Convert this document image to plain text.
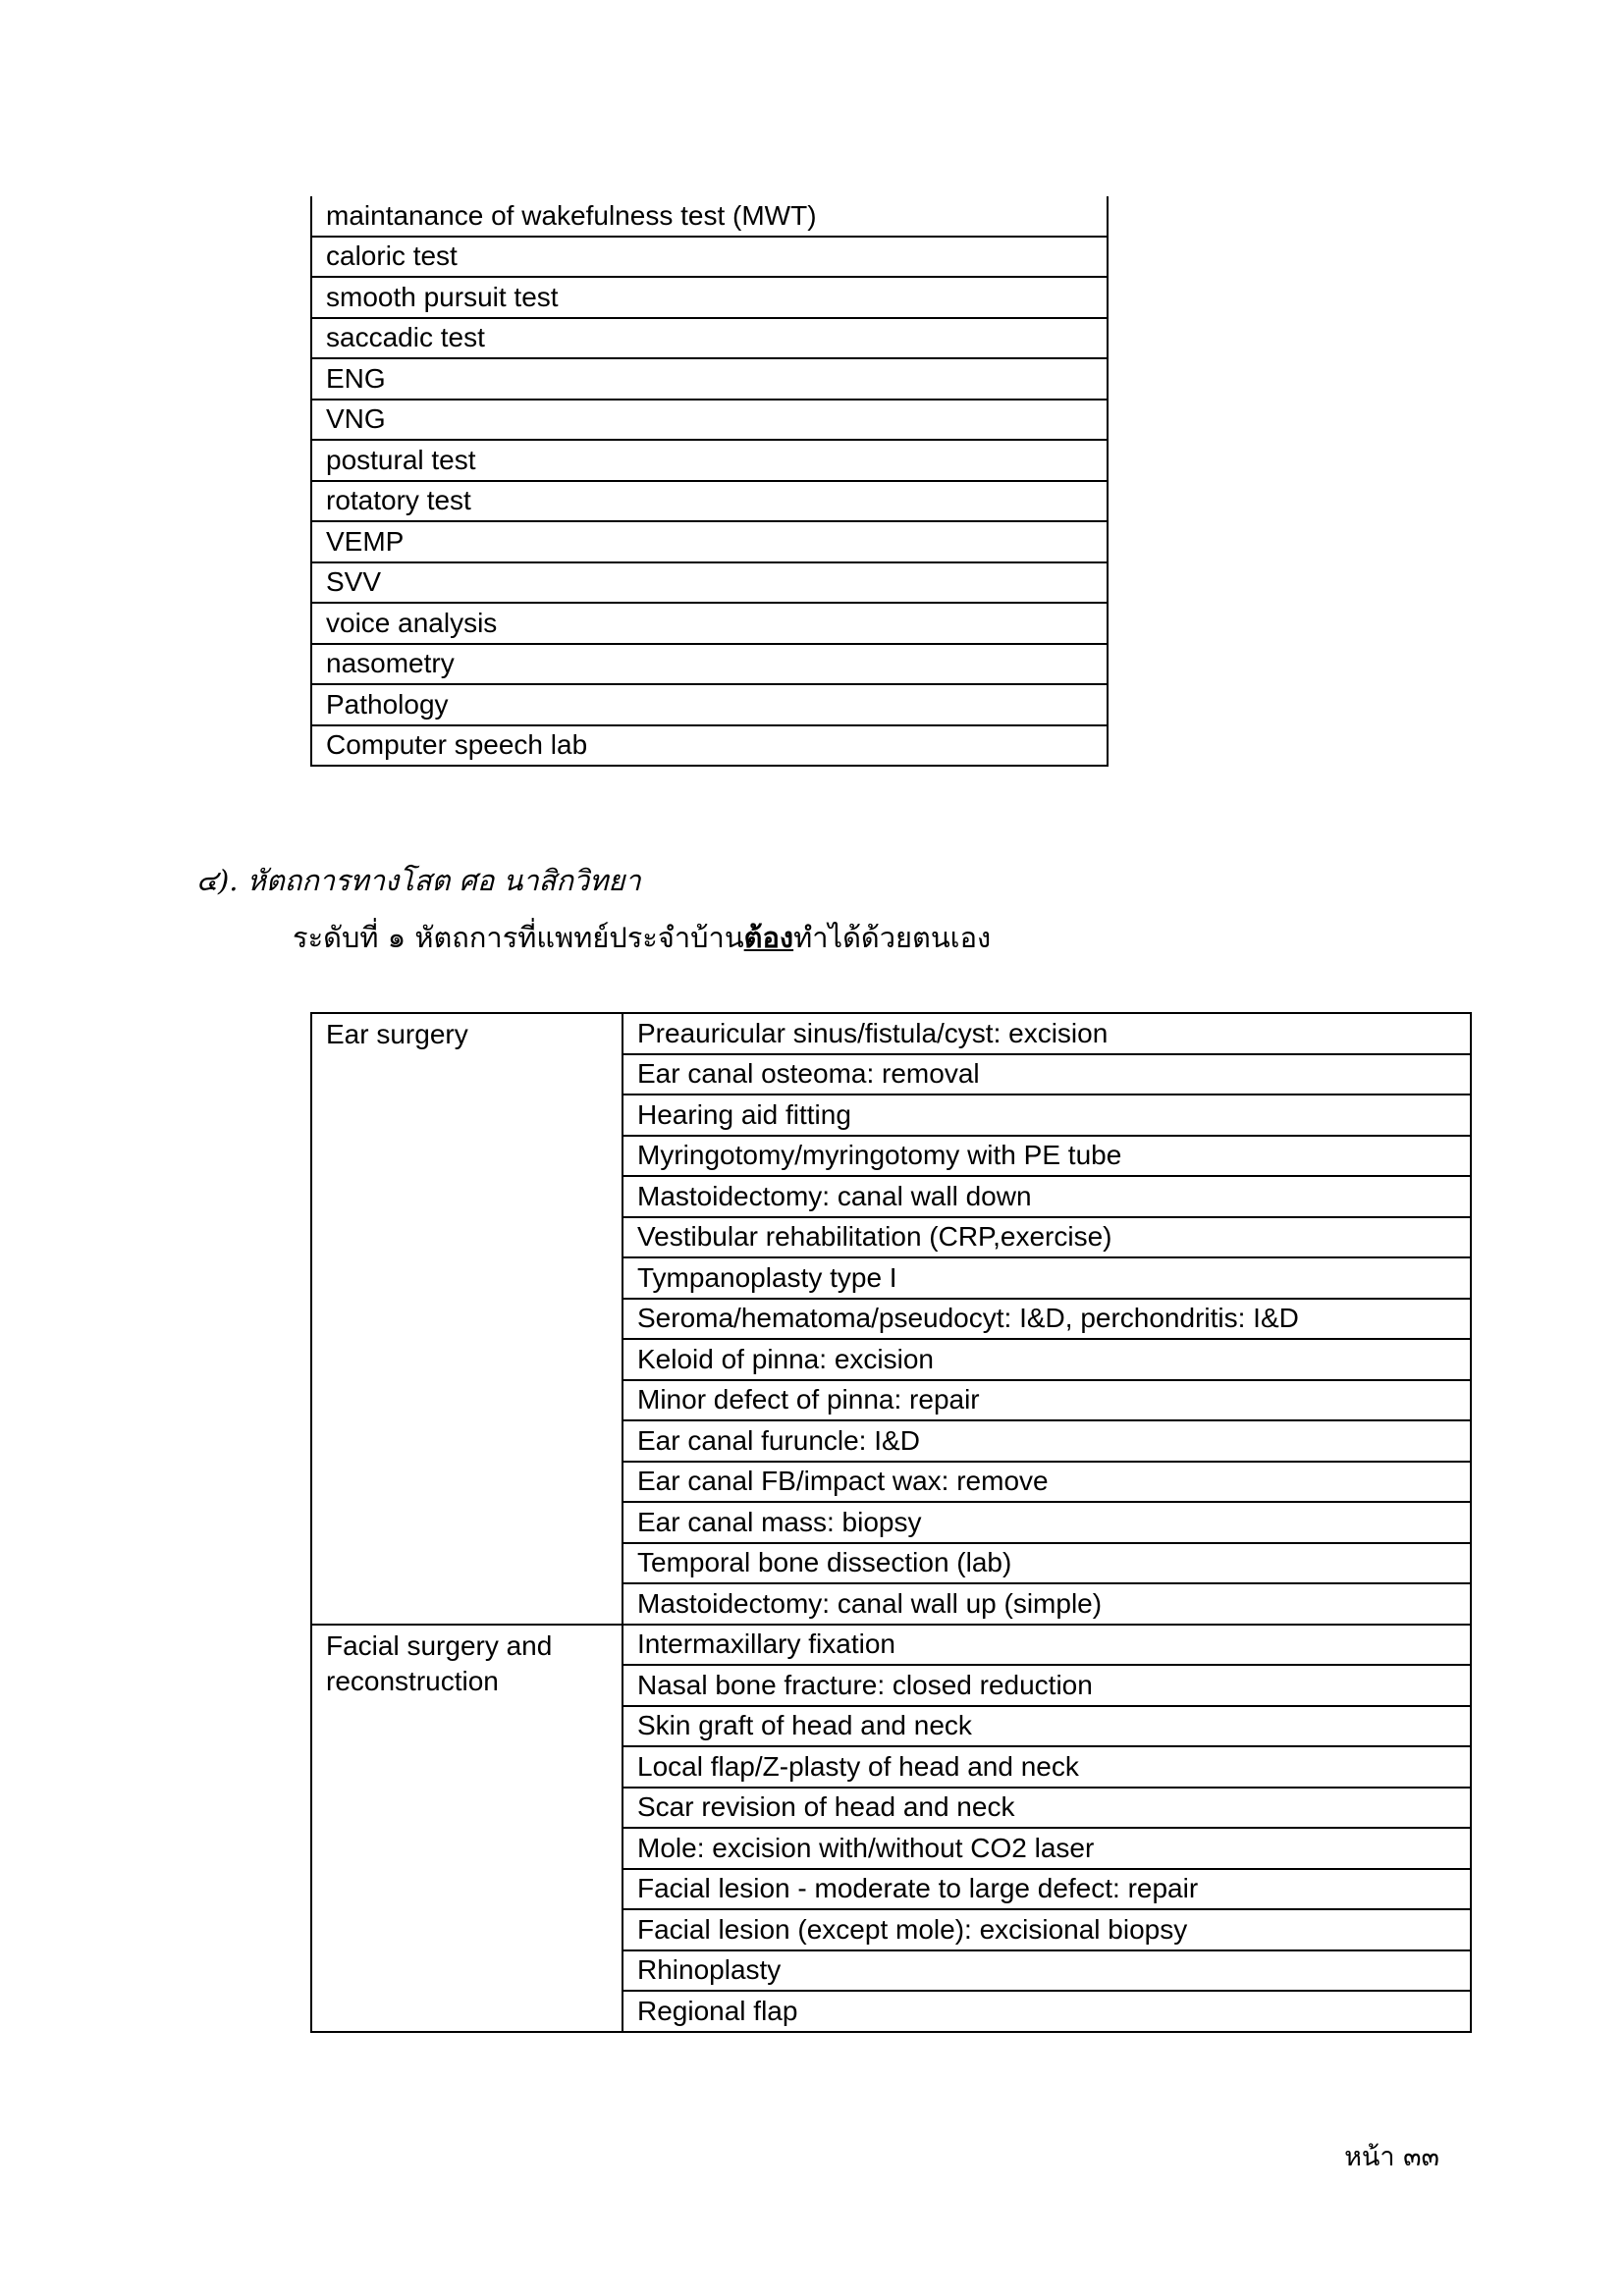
maintanance of wakefulness test (MWT)
caloric test
smooth pursuit test
saccadic test
ENG
VNG
postural test
rotatory test
VEMP
SVV
voice analysis
nasometry
Pathology
Computer speech lab
๔). หัตถการทางโสต ศอ นาสิกวิทยา
ระดับที่ ๑ หัตถการที่แพทย์ประจำบ้านต้องทำได้ด้วยตนเอง
Ear surgery	Preauricular sinus/fistula/cyst: excision
	Ear canal osteoma: removal
	Hearing aid fitting
	Myringotomy/myringotomy with PE tube
	Mastoidectomy: canal wall down
	Vestibular rehabilitation (CRP,exercise)
	Tympanoplasty type I
	Seroma/hematoma/pseudocyt: I&D, perchondritis: I&D
	Keloid of pinna: excision
	Minor defect of pinna: repair
	Ear canal furuncle: I&D
	Ear canal FB/impact wax: remove
	Ear canal mass: biopsy
	Temporal bone dissection (lab)
	Mastoidectomy: canal wall up (simple)
Facial surgery and reconstruction	Intermaxillary fixation
	Nasal bone fracture: closed reduction
	Skin graft of head and neck
	Local flap/Z-plasty of head and neck
	Scar revision of head and neck
	Mole: excision with/without CO2 laser
	Facial lesion - moderate to large defect: repair
	Facial lesion (except mole): excisional biopsy
	Rhinoplasty
	Regional flap
หน้า ๓๓
